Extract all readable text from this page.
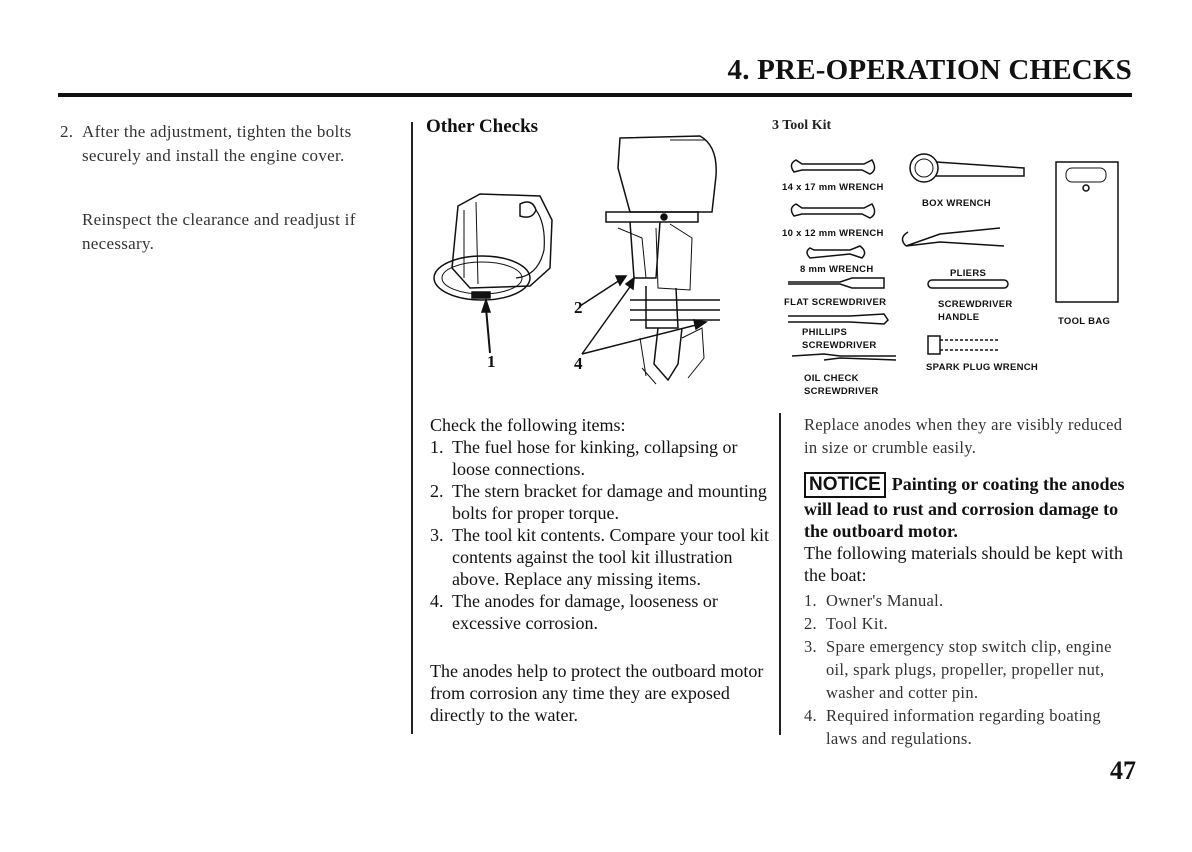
4. PRE-OPERATION CHECKS
2. After the adjustment, tighten the bolts securely and install the engine cover.
Reinspect the clearance and readjust if necessary.
Other Checks
2
1	4
Check the following items:
1. The fuel hose for kinking, collapsing or loose connections.
2. The stern bracket for damage and mounting bolts for proper torque.
3. The tool kit contents. Compare your tool kit contents against the tool kit illustration above. Replace any missing items.
4. The anodes for damage, looseness or excessive corrosion.
The anodes help to protect the outboard motor from corrosion any time they are exposed directly to the water.
3 Tool Kit
14 x 17 mm WRENCH
BOX WRENCH
10 x 12 mm WRENCH
8 mm WRENCH	PLIERS
FLAT SCREWDRIVER	SCREWDRIVER
HANDLE	TOOL BAG
PHILLIPS
SCREWDRIVER
SPARK PLUG WRENCH
OIL CHECK
SCREWDRIVER
Replace anodes when they are visibly reduced in size or crumble easily.
NOTICE Painting or coating the anodes will lead to rust and corrosion damage to the outboard motor.
The following materials should be kept with the boat:
1. Owner's Manual.
2. Tool Kit.
3. Spare emergency stop switch clip, engine oil, spark plugs, propeller, propeller nut, washer and cotter pin.
4. Required information regarding boating laws and regulations.
47
